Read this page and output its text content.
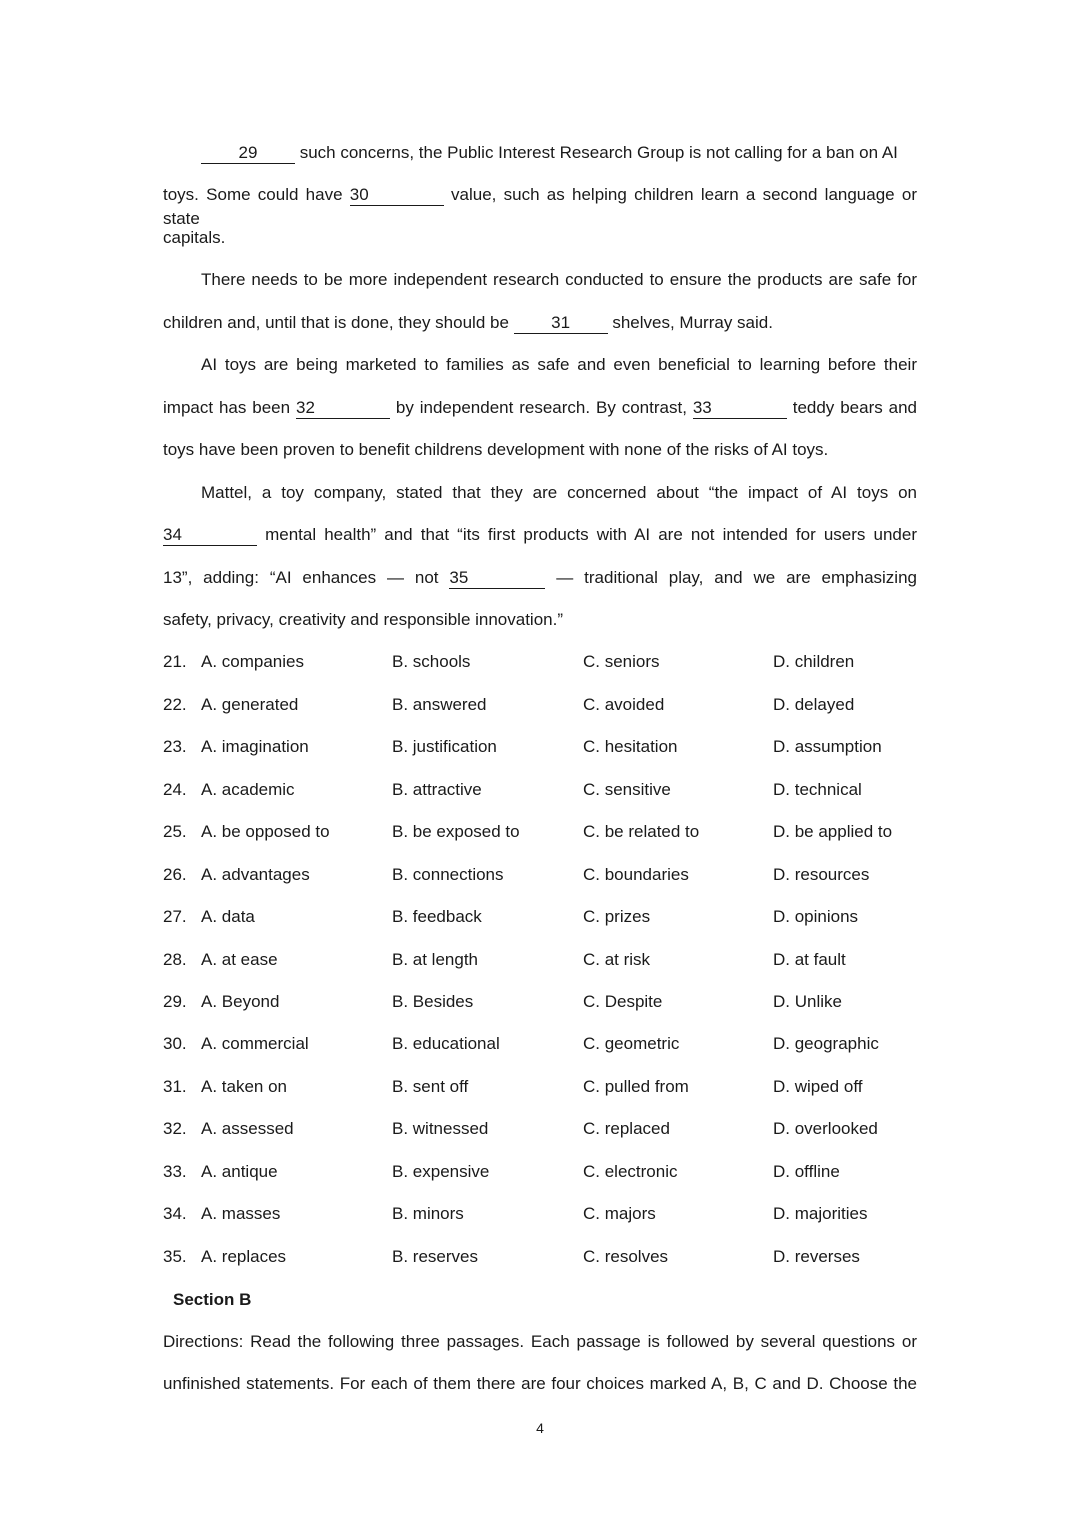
29 such concerns, the Public Interest Research Group is not calling for a ban on AI
toys. Some could have 30	value, such as helping children learn a second language or state
capitals.
There needs to be more independent research conducted to ensure the products are safe for
children and, until that is done, they should be 31 shelves, Murray said.
AI toys are being marketed to families as safe and even beneficial to learning before their
impact has been 32	by independent research. By contrast, 33	teddy bears and
toys have been proven to benefit childrens development with none of the risks of AI toys.
Mattel, a toy company, stated that they are concerned about “the impact of AI toys on
34	mental health” and that “its first products with AI are not intended for users under
13”, adding: “AI enhances — not 35	— traditional play, and we are emphasizing
safety, privacy, creativity and responsible innovation.”
21. A. companies	B. schools	C. seniors	D. children
22. A. generated	B. answered	C. avoided	D. delayed
23. A. imagination	B. justification	C. hesitation	D. assumption
24. A. academic	B. attractive	C. sensitive	D. technical
25. A. be opposed to	B. be exposed to	C. be related to	D. be applied to
26. A. advantages	B. connections	C. boundaries	D. resources
27. A. data	B. feedback	C. prizes	D. opinions
28. A. at ease	B. at length	C. at risk	D. at fault
29. A. Beyond	B. Besides	C. Despite	D. Unlike
30. A. commercial	B. educational	C. geometric	D. geographic
31. A. taken on	B. sent off	C. pulled from	D. wiped off
32. A. assessed	B. witnessed	C. replaced	D. overlooked
33. A. antique	B. expensive	C. electronic	D. offline
34. A. masses	B. minors	C. majors	D. majorities
35. A. replaces	B. reserves	C. resolves	D. reverses
Section B
Directions: Read the following three passages. Each passage is followed by several questions or
unfinished statements. For each of them there are four choices marked A, B, C and D. Choose the
4
